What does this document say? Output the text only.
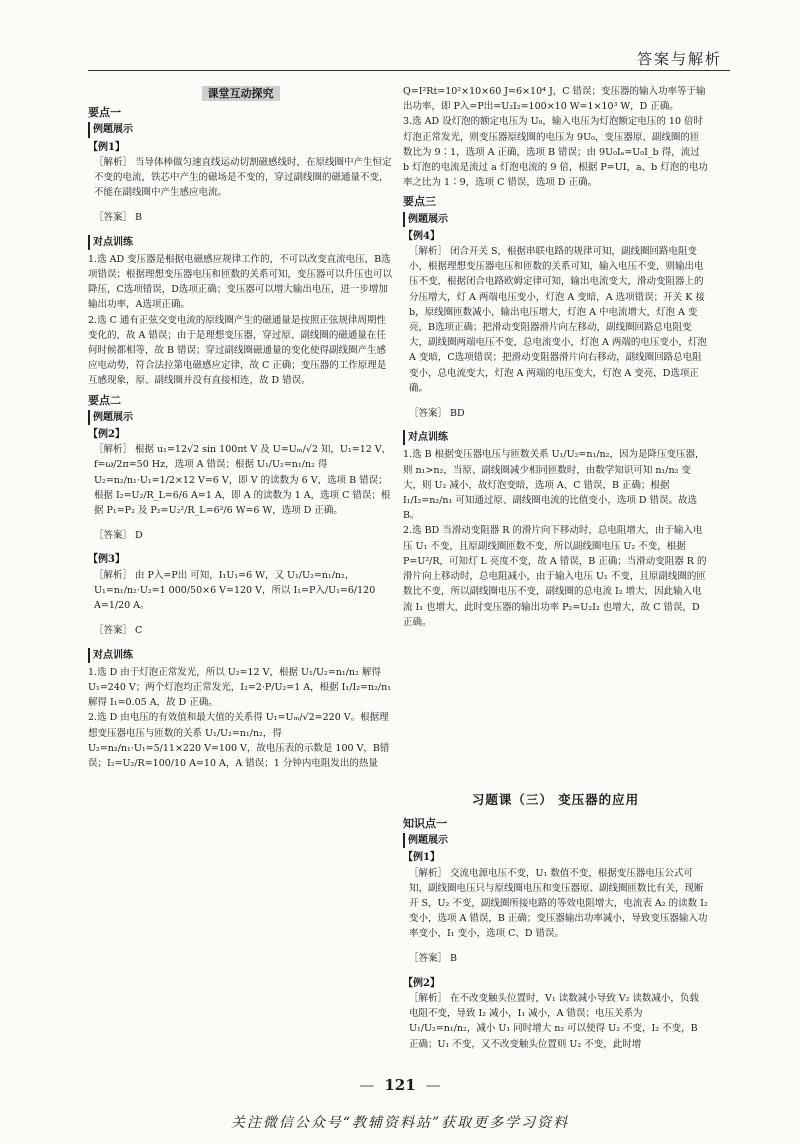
答案与解析
课堂互动探究
要点一
例题展示
【例1】

［解析］ 当导体棒做匀速直线运动切割磁感线时，在原线圈中产生恒定不变的电流，铁芯中产生的磁场是不变的，穿过副线圈的磁通量不变，不能在副线圈中产生感应电流。

［答案］ B

对点训练

1.选 AD 变压器是根据电磁感应规律工作的，不可以改变直流电压，B选项错误；根据理想变压器电压和匝数的关系可知，变压器可以升压也可以降压，C选项错误，D选项正确；变压器可以增大输出电压，进一步增加输出功率，A选项正确。

2.选 C 通有正弦交变电流的原线圈产生的磁通量是按照正弦规律周期性变化的，故 A 错误；由于是理想变压器，穿过原、副线圈的磁通量在任何时候都相等，故 B 错误；穿过副线圈磁通量的变化使得副线圈产生感应电动势，符合法拉第电磁感应定律，故 C 正确；变压器的工作原理是互感现象，原、副线圈并没有直接相连，故 D 错误。

要点二
例题展示
【例2】

［解析］ 根据 u₁=12√2 sin 100πt V 及 U=Uₘ/√2 知，U₁=12 V，f=ω/2π=50 Hz，选项 A 错误；根据 U₁/U₂=n₁/n₂ 得 U₂=n₂/n₁·U₁=1/2×12 V=6 V，即 V 的读数为 6 V，选项 B 错误；根据 I₂=U₂/R_L=6/6 A=1 A，即 A 的读数为 1 A，选项 C 错误；根据 P₁=P₂ 及 P₂=U₂²/R_L=6²/6 W=6 W，选项 D 正确。

［答案］ D

【例3】

［解析］ 由 P入=P出 可知，I₁U₁=6 W，又 U₁/U₂=n₁/n₂，U₁=n₁/n₂·U₂=1 000/50×6 V=120 V，所以 I₁=P入/U₁=6/120 A=1/20 A。

［答案］ C

对点训练

1.选 D 由于灯泡正常发光，所以 U₂=12 V，根据 U₁/U₂=n₁/n₂ 解得 U₁=240 V；两个灯泡均正常发光，I₂=2·P/U₂=1 A，根据 I₁/I₂=n₂/n₁ 解得 I₁=0.05 A，故 D 正确。

2.选 D 由电压的有效值和最大值的关系得 U₁=Uₘ/√2=220 V。根据理想变压器电压与匝数的关系 U₁/U₂=n₁/n₂，得 U₂=n₂/n₁·U₁=5/11×220 V=100 V，故电压表的示数是 100 V，B错误；I₂=U₂/R=100/10 A=10 A，A 错误；1 分钟内电阻发出的热量

Q=I²Rt=10²×10×60 J=6×10⁴ J，C 错误；变压器的输入功率等于输出功率，即 P入=P出=U₂I₂=100×10 W=1×10³ W，D 正确。

3.选 AD 设灯泡的额定电压为 U₀，输入电压为灯泡额定电压的 10 倍时灯泡正常发光，则变压器原线圈的电压为 9U₀，变压器原、副线圈的匝数比为 9∶1，选项 A 正确，选项 B 错误；由 9U₀Iₐ=U₀I_b 得，流过 b 灯泡的电流是流过 a 灯泡电流的 9 倍，根据 P=UI，a、b 灯泡的电功率之比为 1∶9，选项 C 错误，选项 D 正确。

要点三
例题展示
【例4】

［解析］ 闭合开关 S，根据串联电路的规律可知，副线圈回路电阻变小，根据理想变压器电压和匝数的关系可知，输入电压不变，则输出电压不变，根据闭合电路欧姆定律可知，输出电流变大，滑动变阻器上的分压增大，灯 A 两端电压变小，灯泡 A 变暗，A 选项错误；开关 K 接 b，原线圈匝数减小，输出电压增大，灯泡 A 中电流增大，灯泡 A 变亮，B选项正确；把滑动变阻器滑片向左移动，副线圈回路总电阻变大，副线圈两端电压不变，总电流变小，灯泡 A 两端的电压变小，灯泡 A 变暗，C选项错误；把滑动变阻器滑片向右移动，副线圈回路总电阻变小，总电流变大，灯泡 A 两端的电压变大，灯泡 A 变亮，D选项正确。

［答案］ BD

对点训练

1.选 B 根据变压器电压与匝数关系 U₁/U₂=n₁/n₂，因为是降压变压器，则 n₁>n₂，当原、副线圈减少相同匝数时，由数学知识可知 n₁/n₂ 变大，则 U₂ 减小，故灯泡变暗，选项 A、C 错误，B 正确；根据 I₁/I₂=n₂/n₁ 可知通过原、副线圈电流的比值变小，选项 D 错误。故选 B。

2.选 BD 当滑动变阻器 R 的滑片向下移动时，总电阻增大，由于输入电压 U₁ 不变，且原副线圈匝数不变，所以副线圈电压 U₂ 不变，根据 P=U²/R，可知灯 L 亮度不变，故 A 错误，B 正确；当滑动变阻器 R 的滑片向上移动时，总电阻减小，由于输入电压 U₁ 不变，且原副线圈的匝数比不变，所以副线圈电压不变，副线圈的总电流 I₂ 增大，因此输入电流 I₁ 也增大，此时变压器的输出功率 P₂=U₂I₂ 也增大，故 C 错误，D 正确。

习题课（三） 变压器的应用
知识点一
例题展示
【例1】

［解析］ 交流电源电压不变，U₁ 数值不变，根据变压器电压公式可知，副线圈电压只与原线圈电压和变压器原、副线圈匝数比有关，现断开 S，U₂ 不变，副线圈所接电路的等效电阻增大，电流表 A₂ 的读数 I₂ 变小，选项 A 错误，B 正确；变压器输出功率减小，导致变压器输入功率变小，I₁ 变小，选项 C、D 错误。

［答案］ B

【例2】

［解析］ 在不改变触头位置时，V₁ 读数减小导致 V₂ 读数减小，负载电阻不变，导致 I₂ 减小，I₁ 减小，A 错误；电压关系为 U₁/U₂=n₁/n₂，减小 U₁ 同时增大 n₂ 可以使得 U₂ 不变，I₂ 不变，B 正确；U₁ 不变，又不改变触头位置则 U₂ 不变，此时增

— 121 —
关注微信公众号“教辅资料站”获取更多学习资料
